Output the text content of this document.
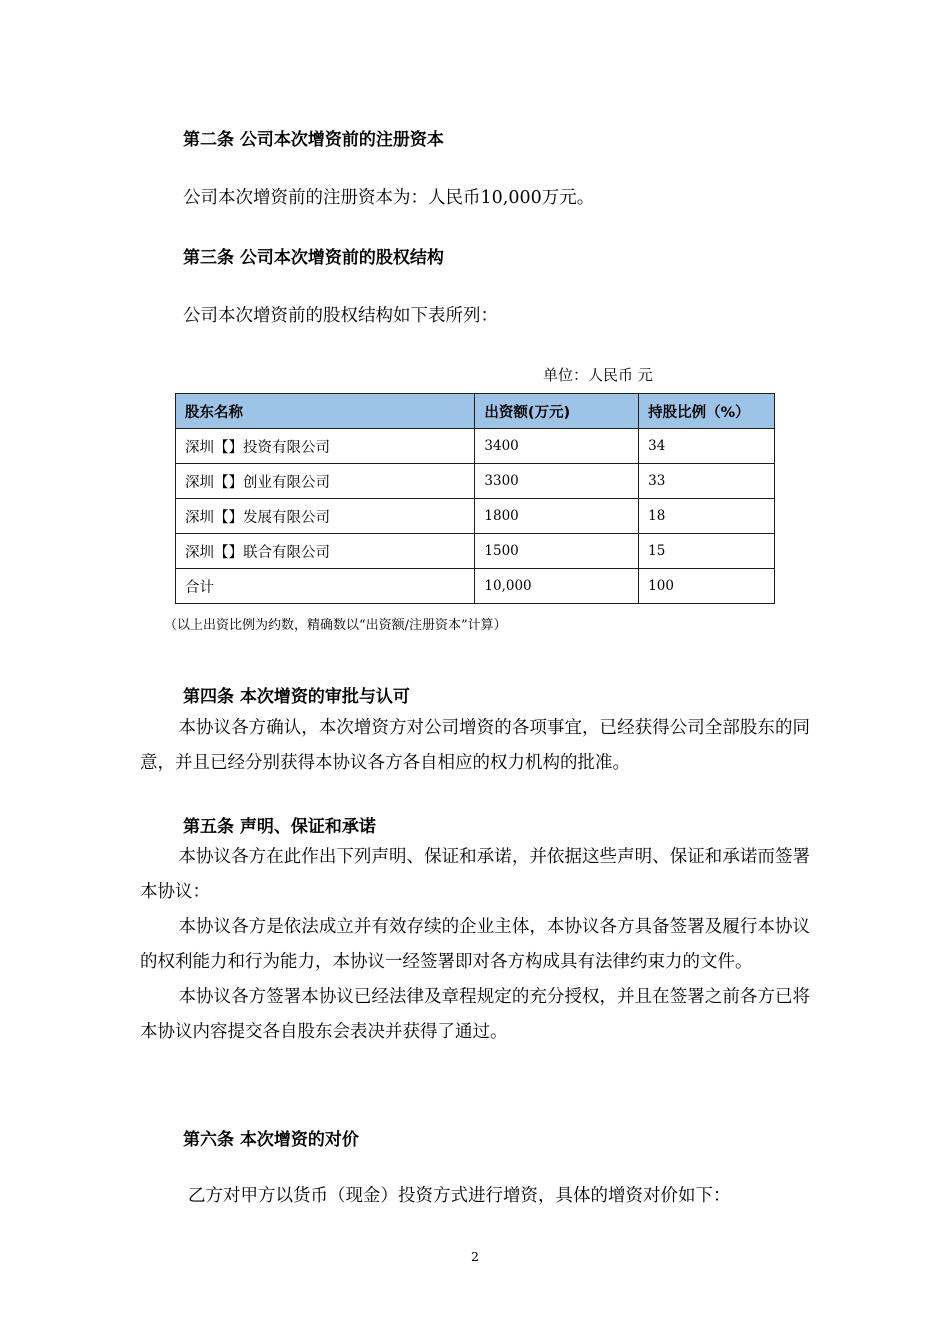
第二条 公司本次增资前的注册资本
公司本次增资前的注册资本为：人民币10,000万元。
第三条 公司本次增资前的股权结构
公司本次增资前的股权结构如下表所列：
单位：人民币 元
股东名称	出资额(万元)	持股比例（%）
深圳【】投资有限公司	3400	34
深圳【】创业有限公司	3300	33
深圳【】发展有限公司	1800	18
深圳【】联合有限公司	1500	15
合计	10,000	100
（以上出资比例为约数，精确数以“出资额/注册资本”计算）
第四条 本次增资的审批与认可

本协议各方确认，本次增资方对公司增资的各项事宜，已经获得公司全部股东的同意，并且已经分别获得本协议各方各自相应的权力机构的批准。

第五条 声明、保证和承诺

本协议各方在此作出下列声明、保证和承诺，并依据这些声明、保证和承诺而签署本协议：

本协议各方是依法成立并有效存续的企业主体，本协议各方具备签署及履行本协议的权利能力和行为能力，本协议一经签署即对各方构成具有法律约束力的文件。

本协议各方签署本协议已经法律及章程规定的充分授权，并且在签署之前各方已将本协议内容提交各自股东会表决并获得了通过。

第六条 本次增资的对价
乙方对甲方以货币（现金）投资方式进行增资，具体的增资对价如下：
2
